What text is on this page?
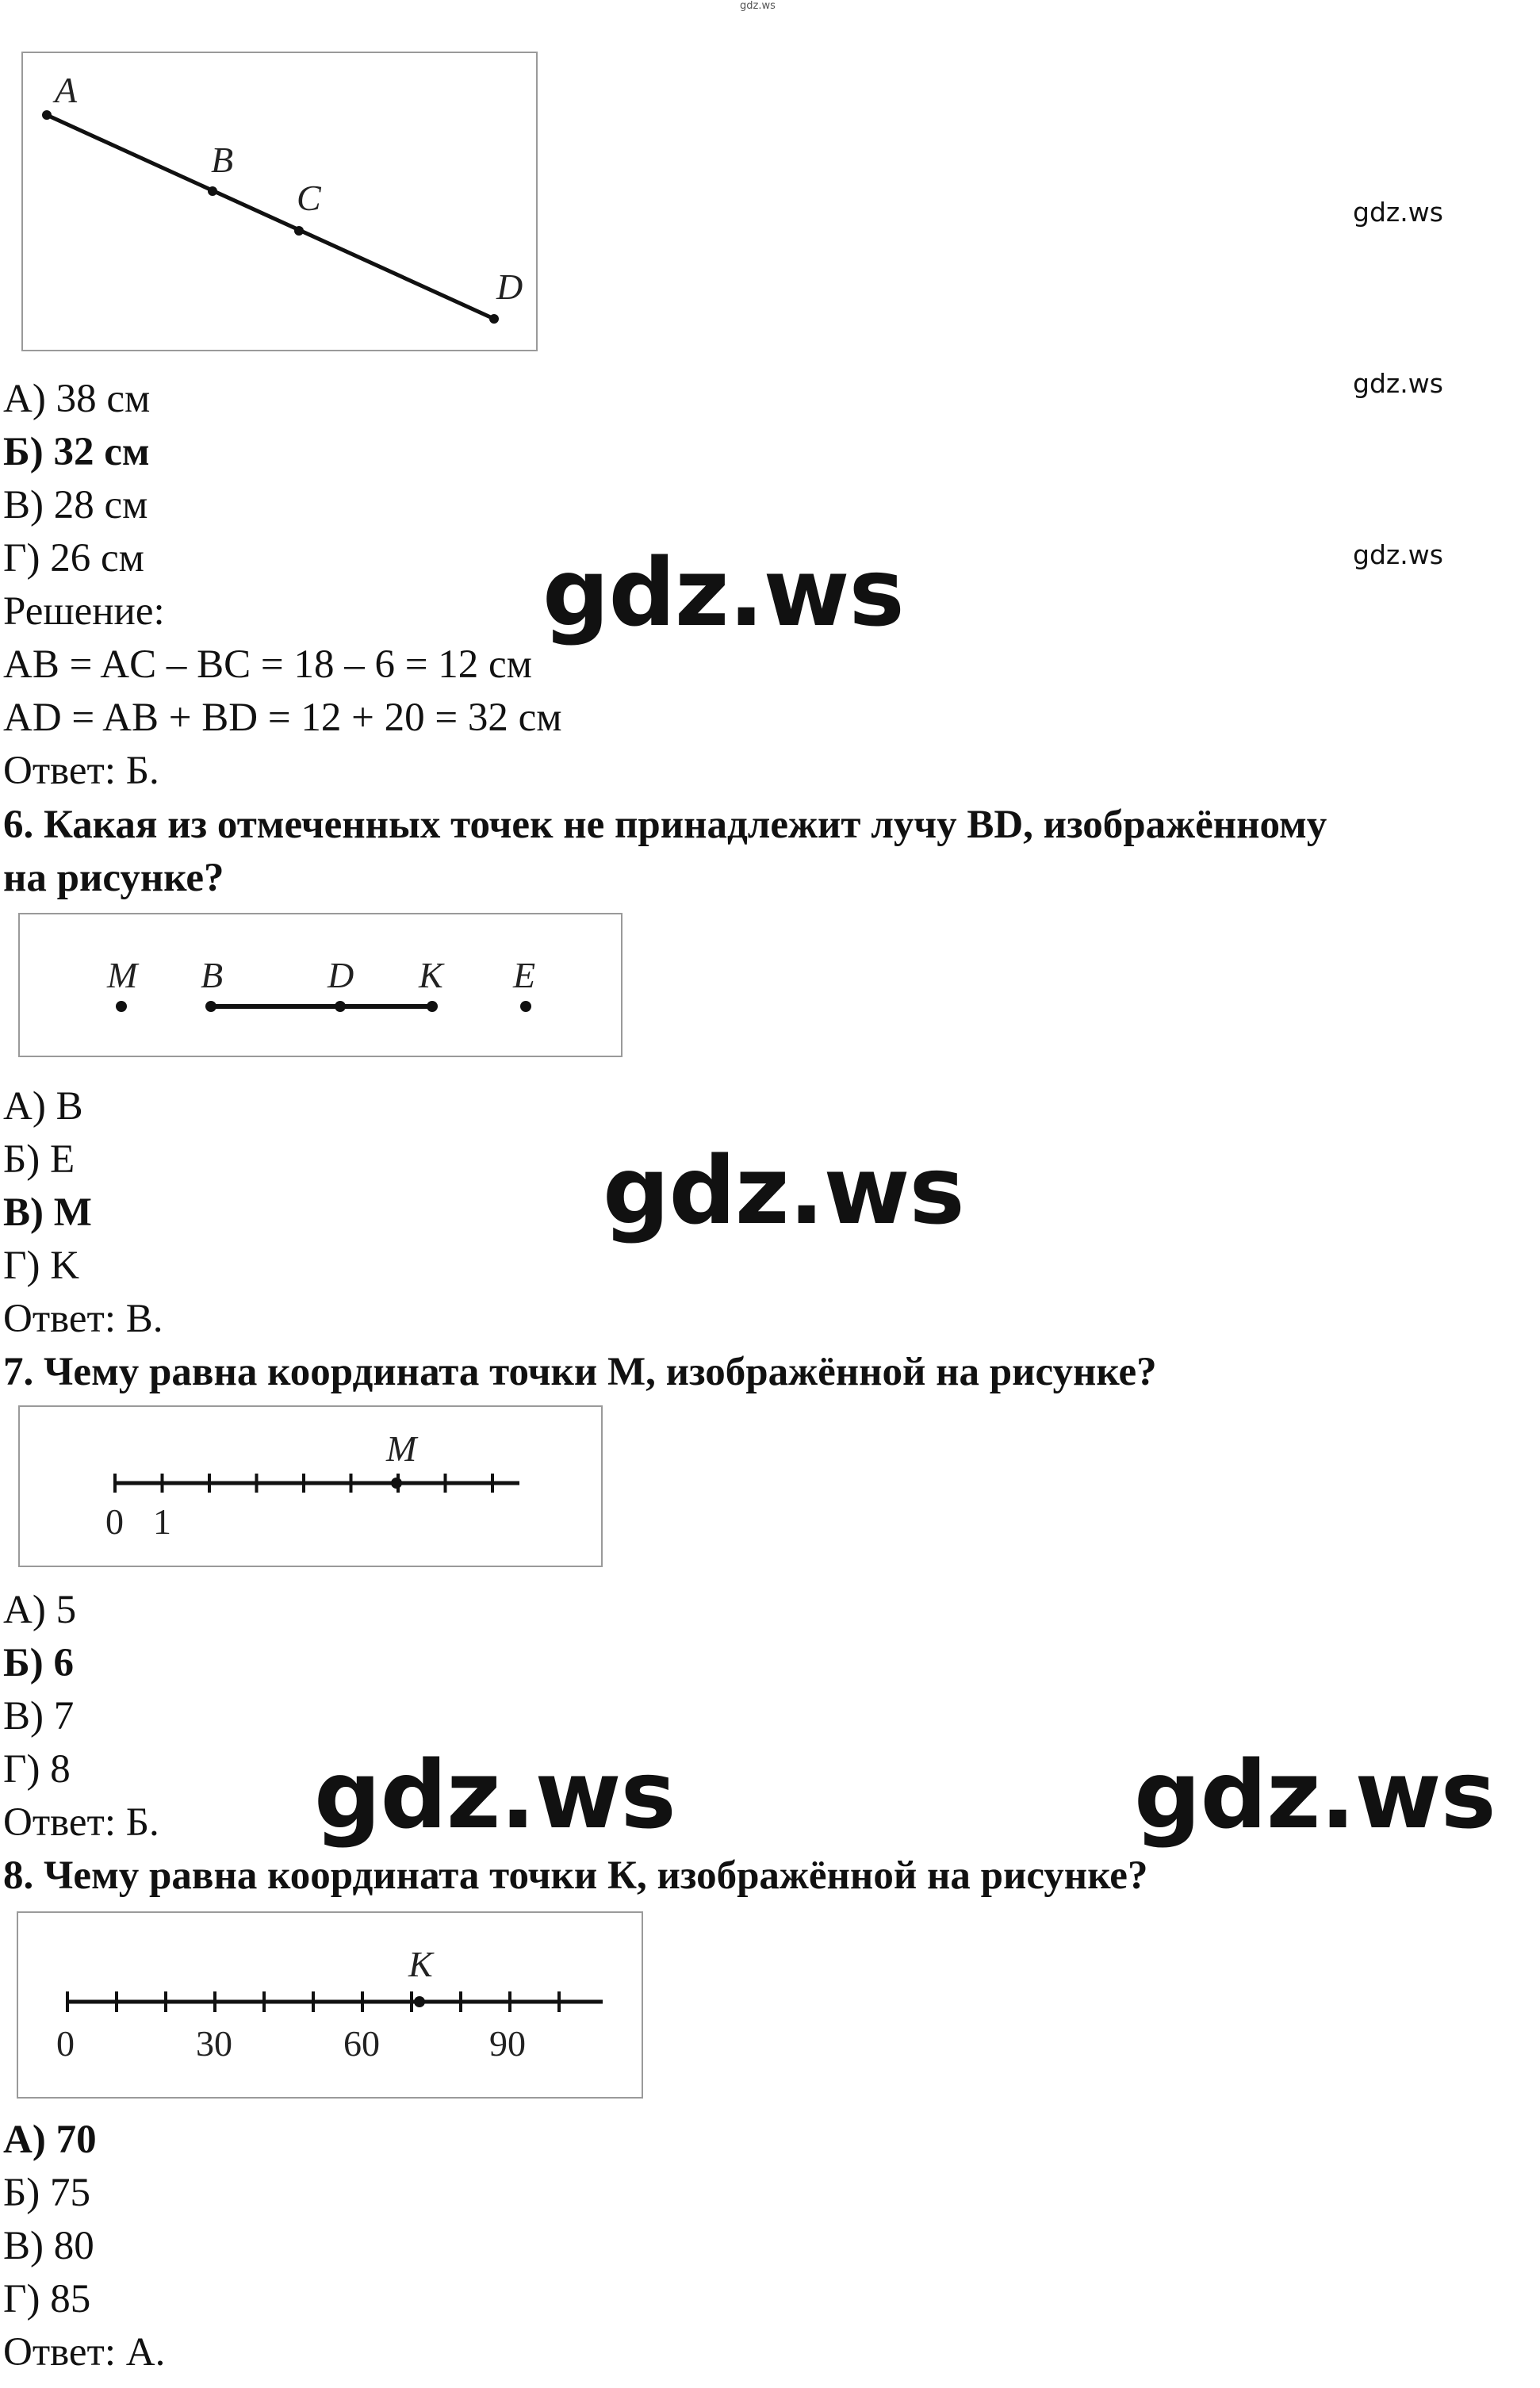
gdz.ws
A
B
C
D
gdz.ws
gdz.ws
gdz.ws
А) 38 см
Б) 32 см
В) 28 см
Г) 26 см
Решение:
AB = AC – BC = 18 – 6 = 12 см
AD = AB + BD = 12 + 20 = 32 см
Ответ: Б.
gdz.ws
6. Какая из отмеченных точек не принадлежит лучу BD, изображённому
на рисунке?
M B	D K E
А) B
Б) E
В) M
Г) K
Ответ: В.
gdz.ws
7. Чему равна координата точки М, изображённой на рисунке?
M
0 1
А) 5
Б) 6
В) 7
Г) 8
Ответ: Б. gdz.ws	gdz.ws
8. Чему равна координата точки К, изображённой на рисунке?
K
0	30	60	90
А) 70
Б) 75
В) 80
Г) 85
Ответ: А.
